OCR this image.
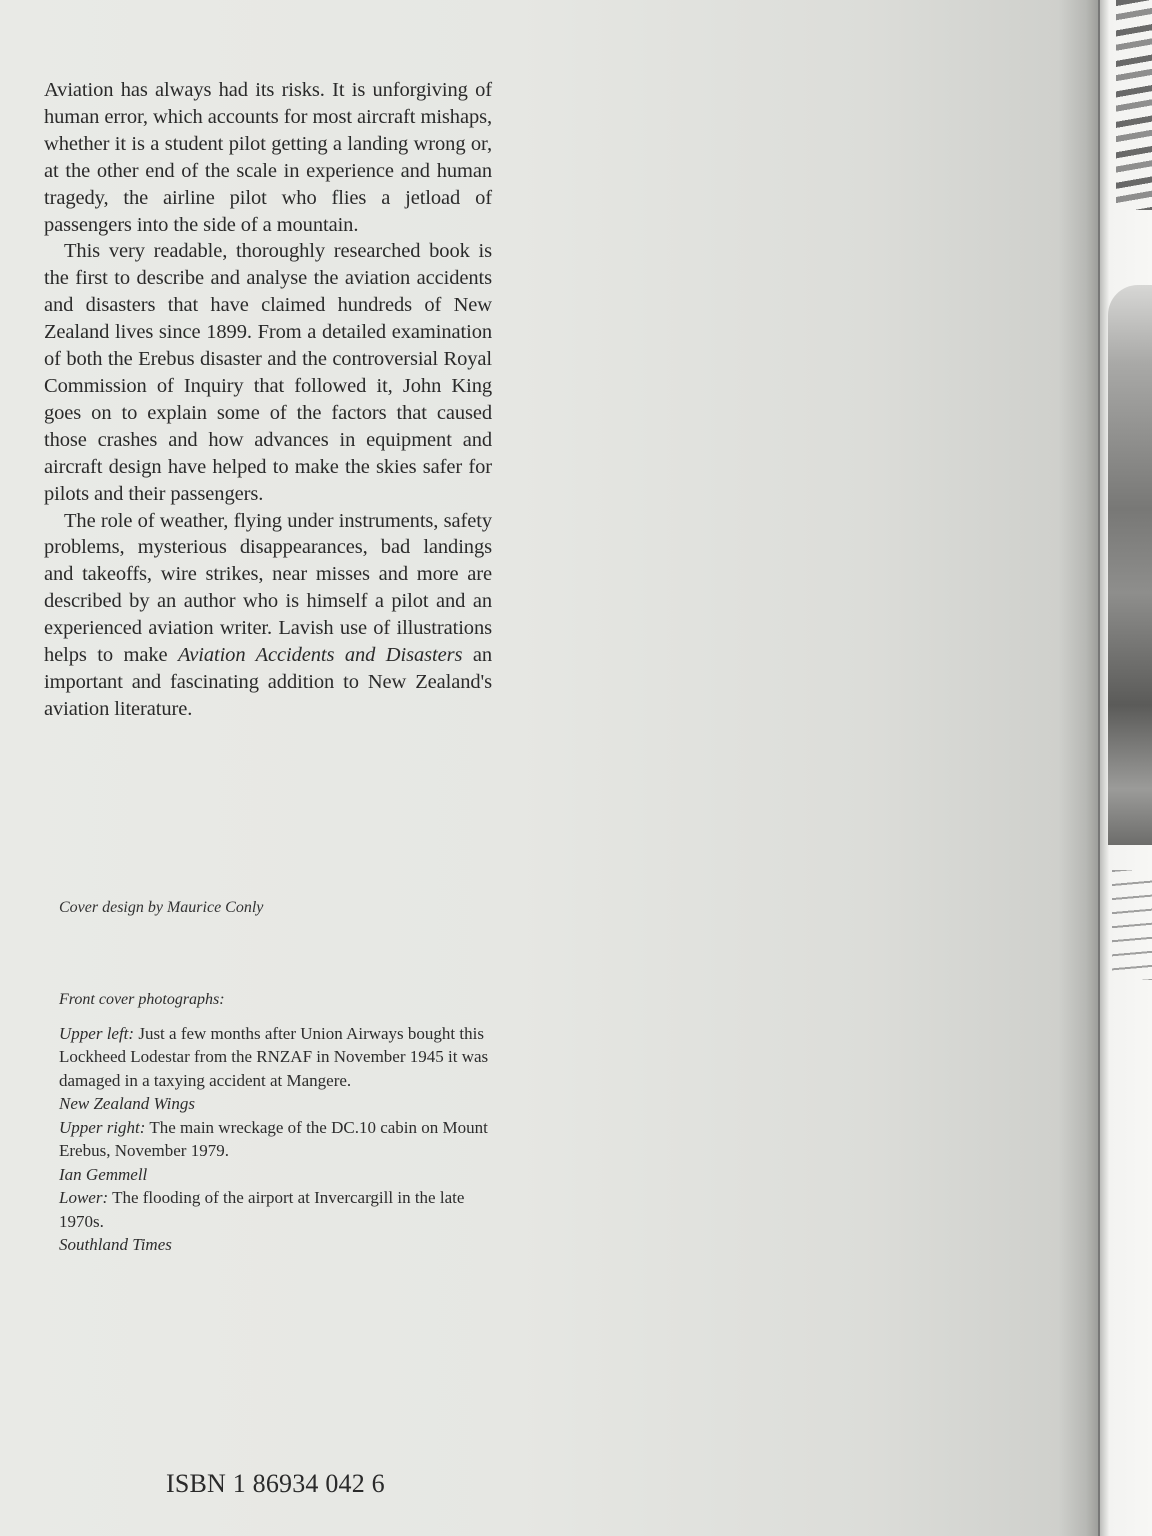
Aviation has always had its risks. It is unforgiving of human error, which accounts for most aircraft mishaps, whether it is a student pilot getting a landing wrong or, at the other end of the scale in experience and human tragedy, the airline pilot who flies a jetload of passengers into the side of a mountain.

This very readable, thoroughly researched book is the first to describe and analyse the aviation accidents and disasters that have claimed hundreds of New Zealand lives since 1899. From a detailed examination of both the Erebus disaster and the controversial Royal Commission of Inquiry that followed it, John King goes on to explain some of the factors that caused those crashes and how advances in equipment and aircraft design have helped to make the skies safer for pilots and their passengers.

The role of weather, flying under instruments, safety problems, mysterious disappearances, bad landings and takeoffs, wire strikes, near misses and more are described by an author who is himself a pilot and an experienced aviation writer. Lavish use of illustrations helps to make Aviation Accidents and Disasters an important and fascinating addition to New Zealand's aviation literature.

Cover design by Maurice Conly

Front cover photographs:

Upper left: Just a few months after Union Airways bought this Lockheed Lodestar from the RNZAF in November 1945 it was damaged in a taxying accident at Mangere.

New Zealand Wings

Upper right: The main wreckage of the DC.10 cabin on Mount Erebus, November 1979.

Ian Gemmell

Lower: The flooding of the airport at Invercargill in the late 1970s.

Southland Times

ISBN 1 86934 042 6
